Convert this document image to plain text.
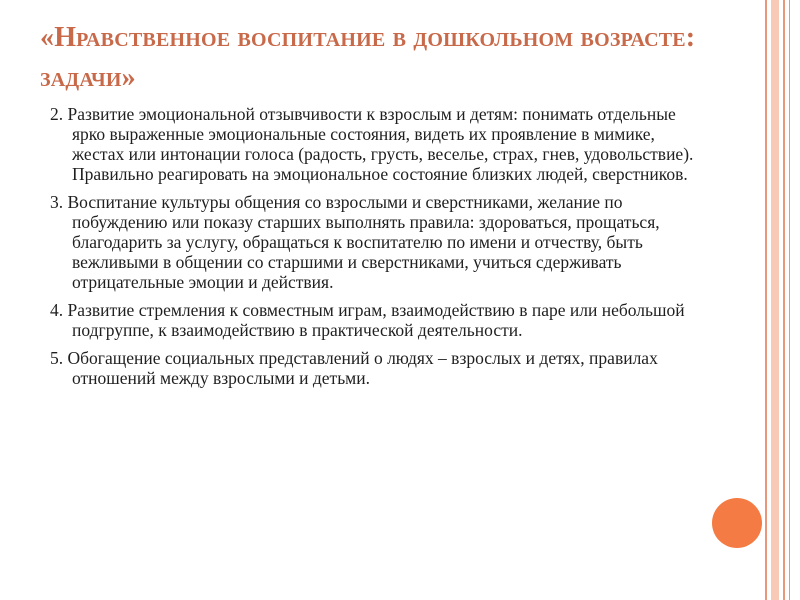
«Нравственное воспитание в дошкольном возрасте: задачи»
2. Развитие эмоциональной отзывчивости к взрослым и детям: понимать отдельные ярко выраженные эмоциональные состояния, видеть их проявление в мимике, жестах или интонации голоса (радость, грусть, веселье, страх, гнев, удовольствие). Правильно реагировать на эмоциональное состояние близких людей, сверстников.
3. Воспитание культуры общения со взрослыми и сверстниками, желание по побуждению или показу старших выполнять правила: здороваться, прощаться, благодарить за услугу, обращаться к воспитателю по имени и отчеству, быть вежливыми в общении со старшими и сверстниками, учиться сдерживать отрицательные эмоции и действия.
4. Развитие стремления к совместным играм, взаимодействию в паре или небольшой подгруппе, к взаимодействию в практической деятельности.
5. Обогащение социальных представлений о людях – взрослых и детях, правилах отношений между взрослыми и детьми.
